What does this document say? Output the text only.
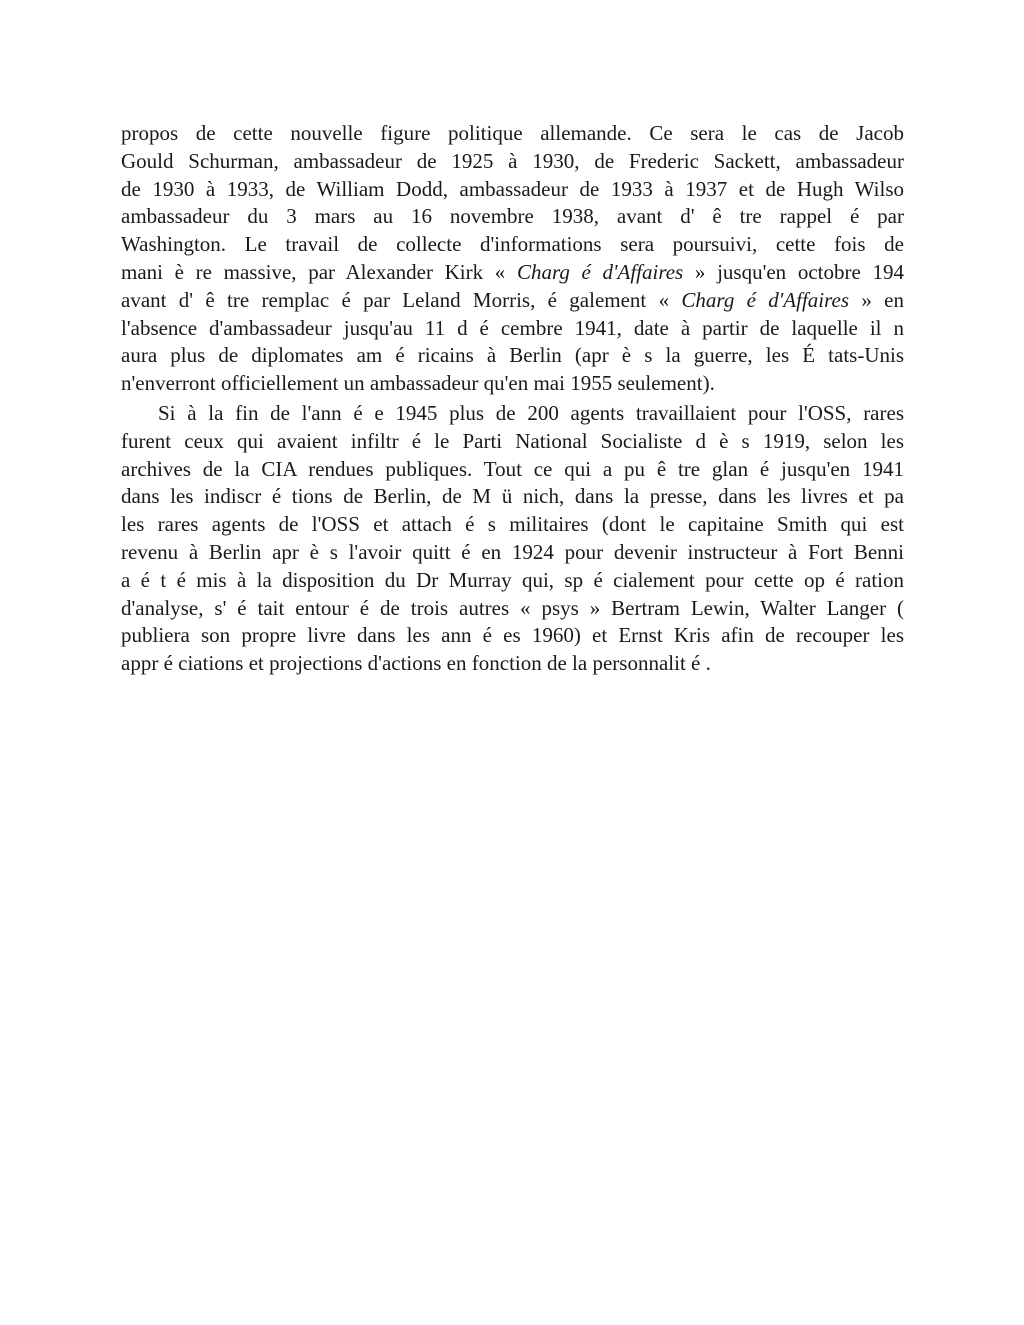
propos de cette nouvelle figure politique allemande. Ce sera le cas de Jacob
Gould Schurman, ambassadeur de 1925 à 1930, de Frederic Sackett, ambassadeur
de 1930 à 1933, de William Dodd, ambassadeur de 1933 à 1937 et de Hugh Wilso
ambassadeur du 3 mars au 16 novembre 1938, avant d' ê tre rappel é par
Washington. Le travail de collecte d'informations sera poursuivi, cette fois de
mani è re massive, par Alexander Kirk « Charg é d'Affaires » jusqu'en octobre 194
avant d' ê tre remplac é par Leland Morris, é galement « Charg é d'Affaires » en
l'absence d'ambassadeur jusqu'au 11 d é cembre 1941, date à partir de laquelle il n
aura plus de diplomates am é ricains à Berlin (apr è s la guerre, les É tats-Unis
n'enverront officiellement un ambassadeur qu'en mai 1955 seulement).
Si à la fin de l'ann é e 1945 plus de 200 agents travaillaient pour l'OSS, rares
furent ceux qui avaient infiltr é le Parti National Socialiste d è s 1919, selon les
archives de la CIA rendues publiques. Tout ce qui a pu ê tre glan é jusqu'en 1941
dans les indiscr é tions de Berlin, de M ü nich, dans la presse, dans les livres et pa
les rares agents de l'OSS et attach é s militaires (dont le capitaine Smith qui est
revenu à Berlin apr è s l'avoir quitt é en 1924 pour devenir instructeur à Fort Benni
a é t é mis à la disposition du Dr Murray qui, sp é cialement pour cette op é ration
d'analyse, s' é tait entour é de trois autres « psys » Bertram Lewin, Walter Langer (
publiera son propre livre dans les ann é es 1960) et Ernst Kris afin de recouper les
appr é ciations et projections d'actions en fonction de la personnalit é .
